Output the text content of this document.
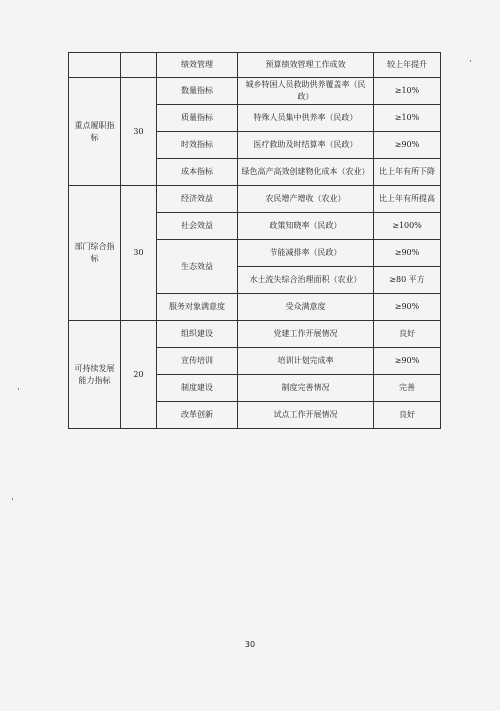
		绩效管理	预算绩效管理工作成效	较上年提升
重点履职指标	30	数量指标	城乡特困人员救助供养覆盖率（民政）	≥10%
		质量指标	特殊人员集中供养率（民政）	≥10%
		时效指标	医疗救助及时结算率（民政）	≥90%
		成本指标	绿色高产高效创建物化成本（农业）	比上年有所下降
部门综合指标	30	经济效益	农民增产增收（农业）	比上年有所提高
		社会效益	政策知晓率（民政）	≥100%
		生态效益	节能减排率（民政）	≥90%
			水土流失综合治理面积（农业）	≥80 平方
		服务对象满意度	受众满意度	≥90%
可持续发展能力指标	20	组织建设	党建工作开展情况	良好
		宣传培训	培训计划完成率	≥90%
		制度建设	制度完善情况	完善
		改革创新	试点工作开展情况	良好
30
